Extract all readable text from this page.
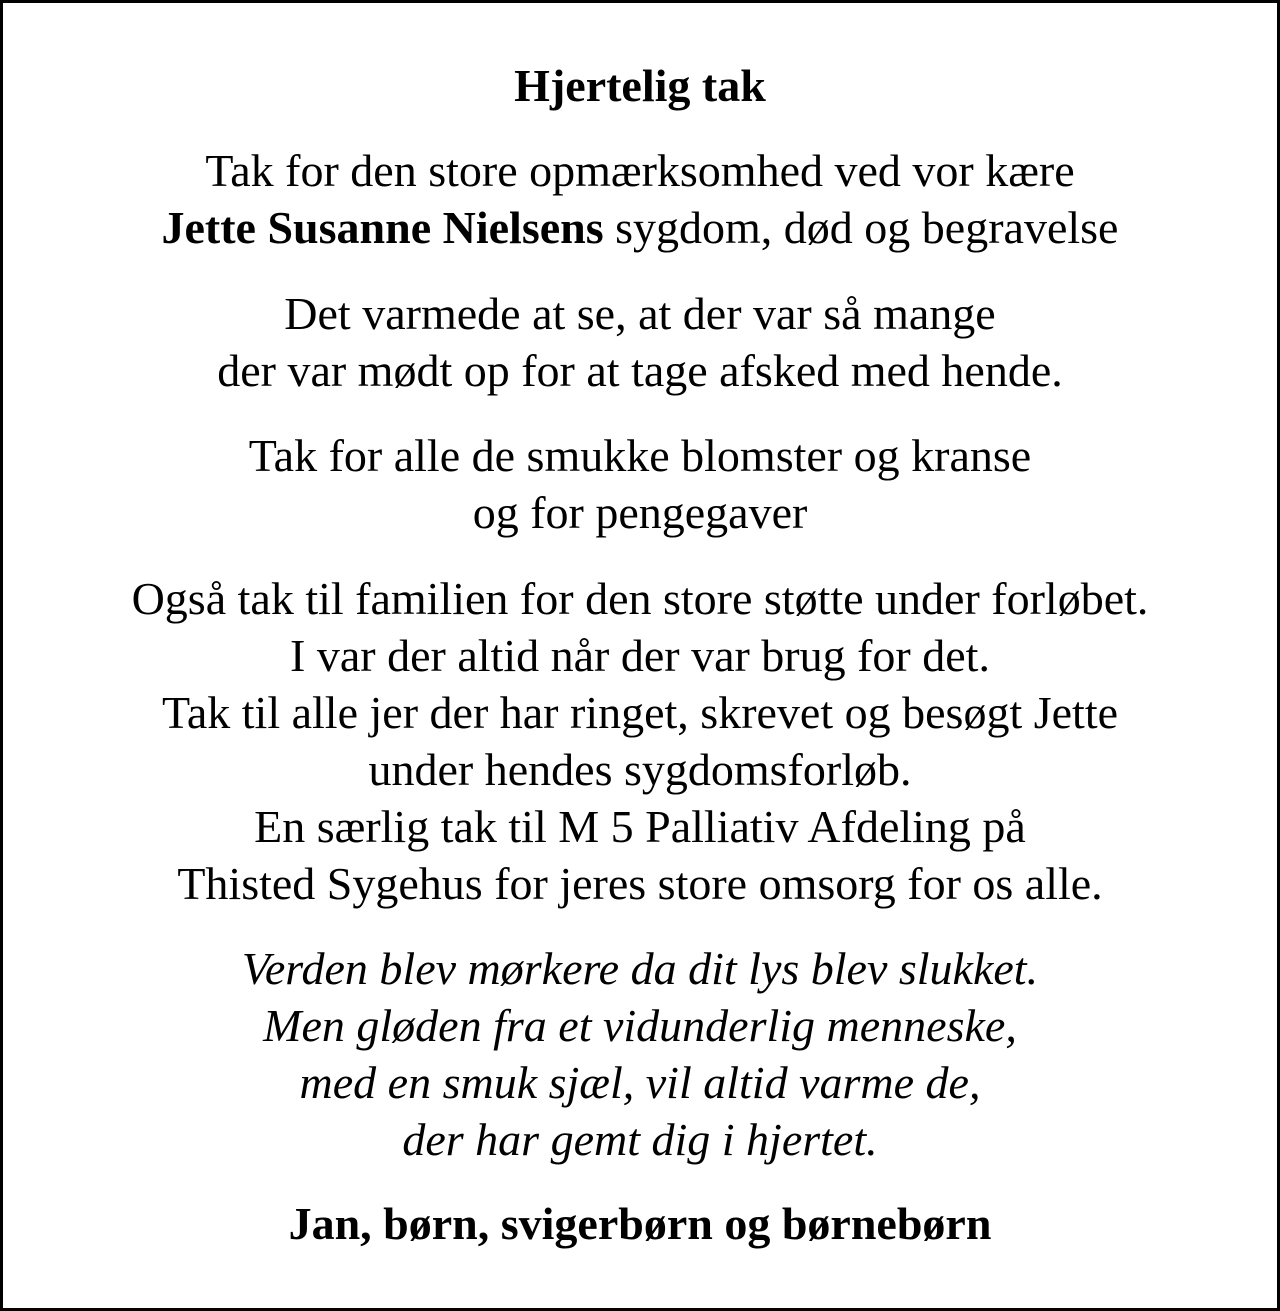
Hjertelig tak

Tak for den store opmærksomhed ved vor kære
Jette Susanne Nielsens sygdom, død og begravelse

Det varmede at se, at der var så mange
der var mødt op for at tage afsked med hende.

Tak for alle de smukke blomster og kranse
og for pengegaver

Også tak til familien for den store støtte under forløbet.
I var der altid når der var brug for det.
Tak til alle jer der har ringet, skrevet og besøgt Jette
under hendes sygdomsforløb.
En særlig tak til M 5 Palliativ Afdeling på
Thisted Sygehus for jeres store omsorg for os alle.

Verden blev mørkere da dit lys blev slukket.
Men gløden fra et vidunderlig menneske,
med en smuk sjæl, vil altid varme de,
der har gemt dig i hjertet.

Jan, børn, svigerbørn og børnebørn
